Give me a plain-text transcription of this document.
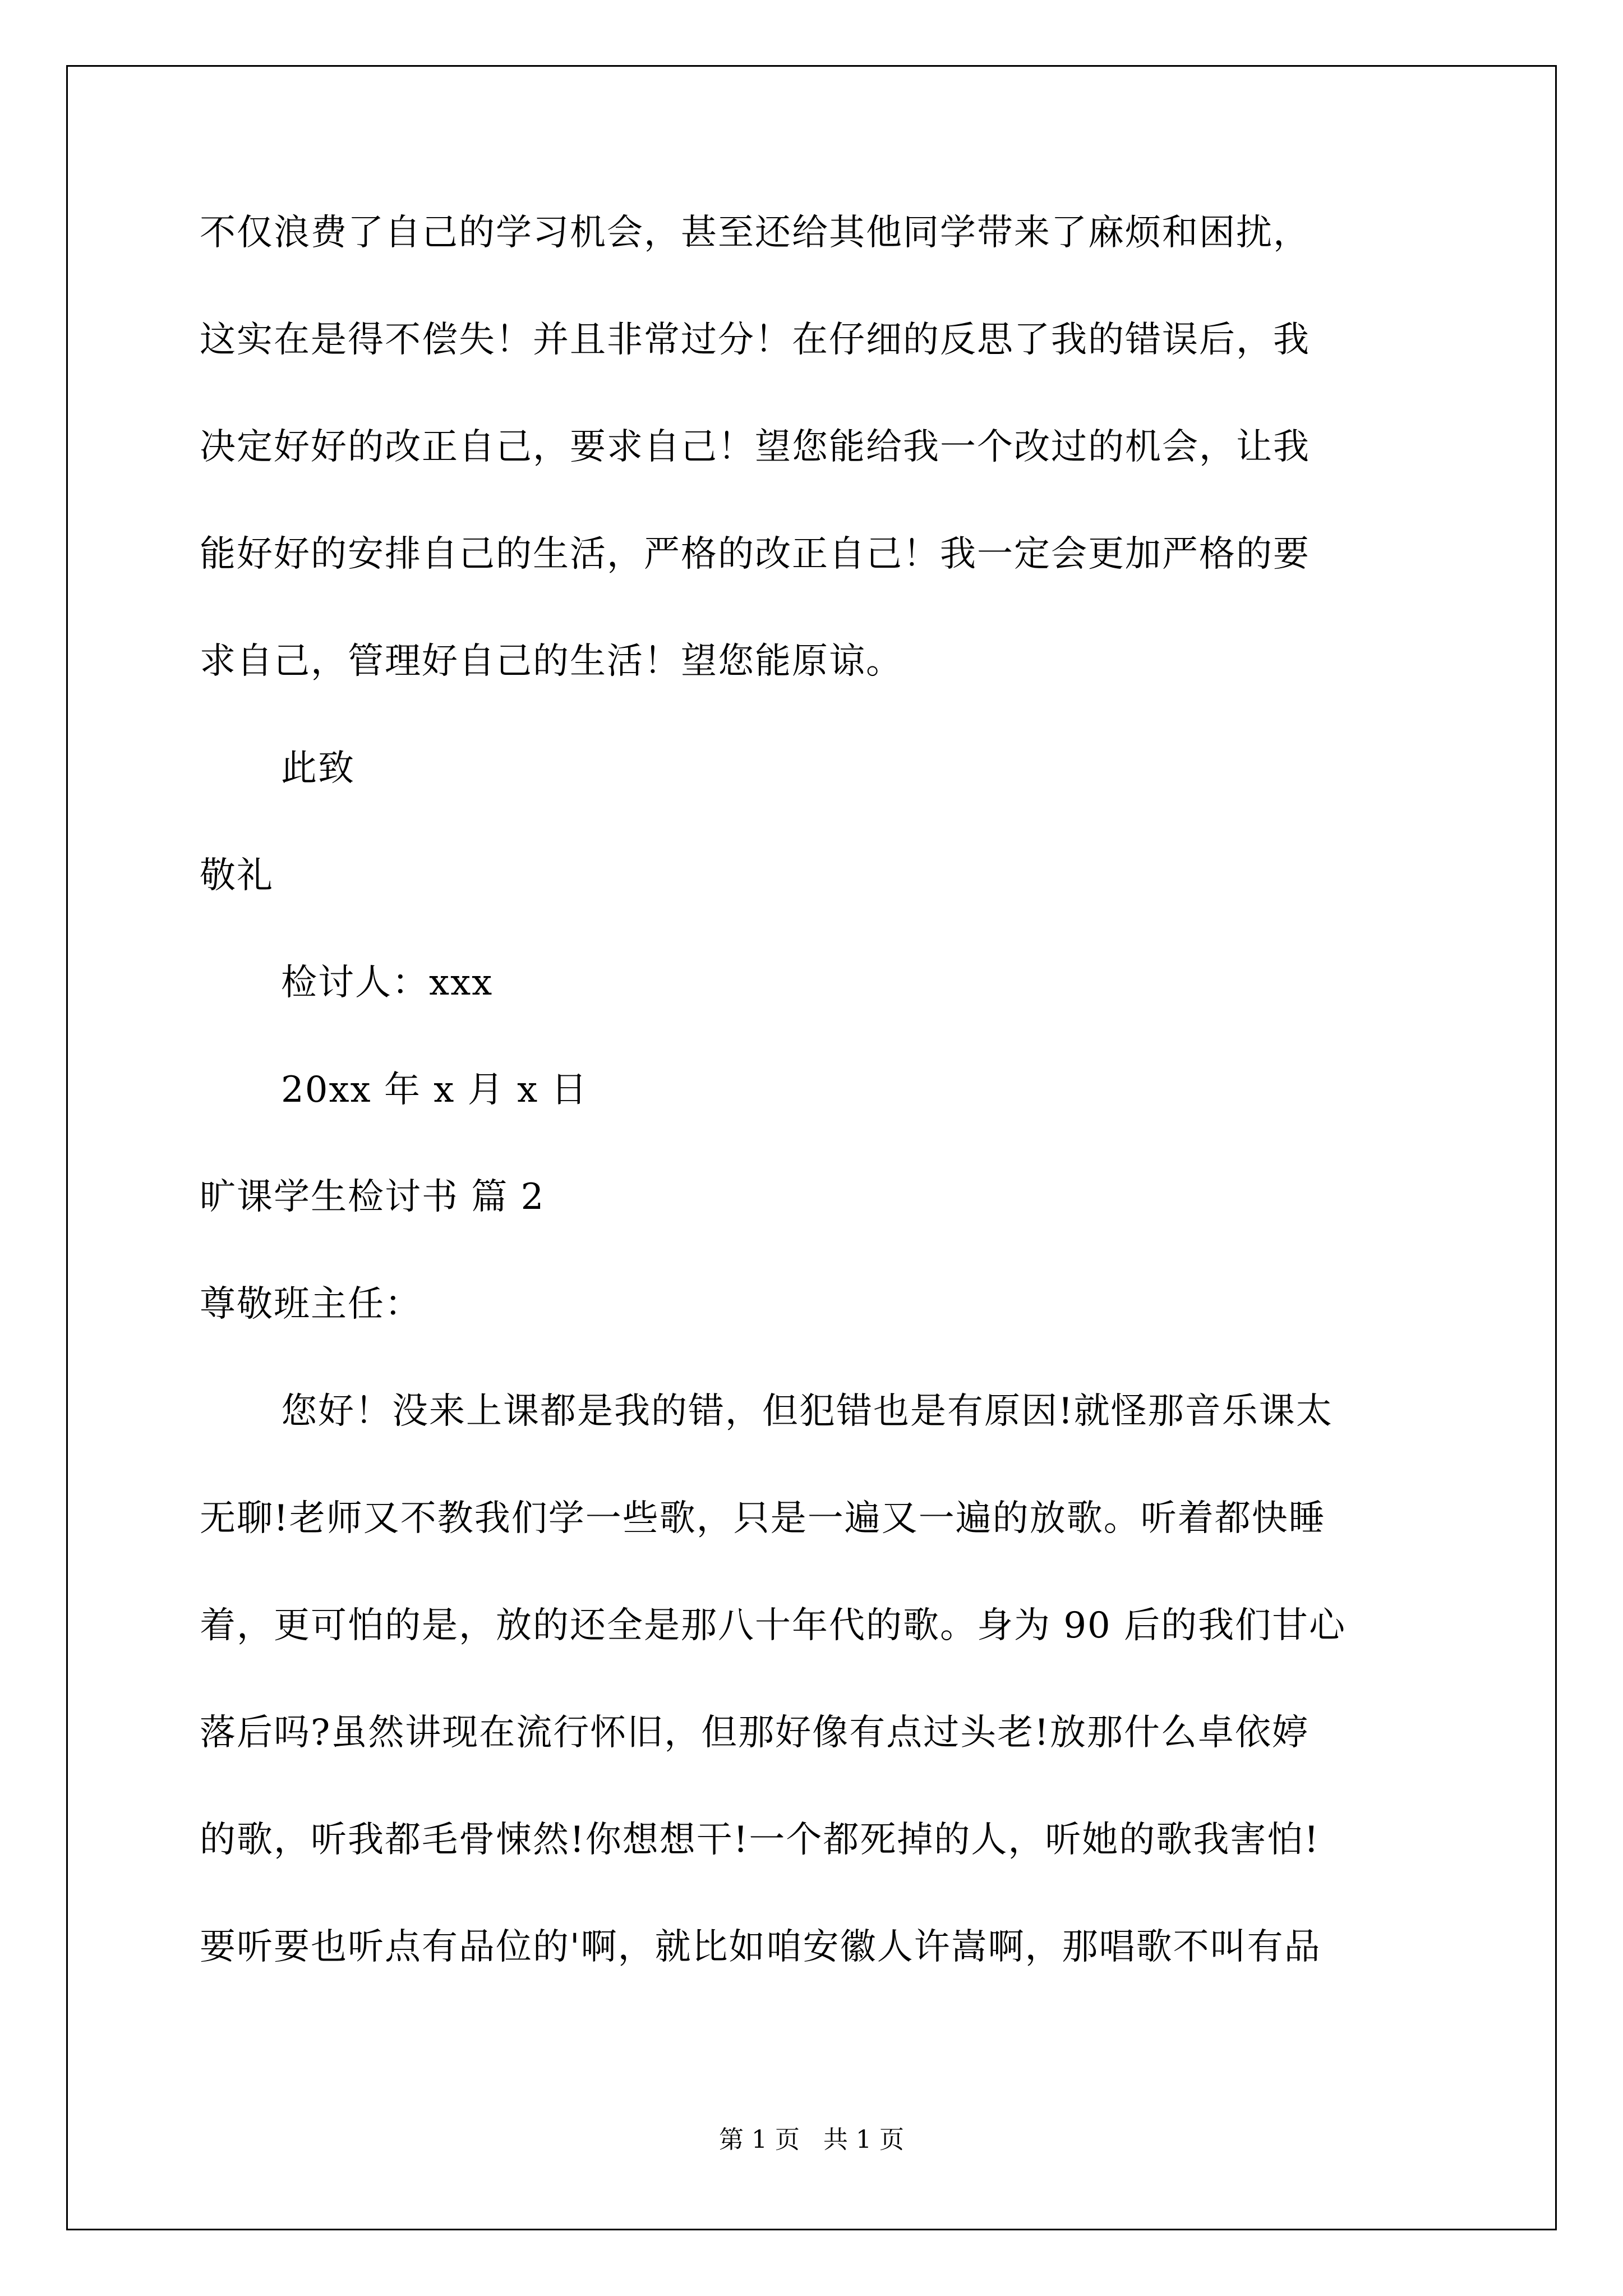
不仅浪费了自己的学习机会，甚至还给其他同学带来了麻烦和困扰，
这实在是得不偿失！并且非常过分！在仔细的反思了我的错误后，我
决定好好的改正自己，要求自己！望您能给我一个改过的机会，让我
能好好的安排自己的生活，严格的改正自己！我一定会更加严格的要
求自己，管理好自己的生活！望您能原谅。
此致
敬礼
检讨人：xxx
20xx 年 x 月 x 日
旷课学生检讨书 篇 2
尊敬班主任：
您好！没来上课都是我的错，但犯错也是有原因!就怪那音乐课太
无聊!老师又不教我们学一些歌，只是一遍又一遍的放歌。听着都快睡
着，更可怕的是，放的还全是那八十年代的歌。身为 90 后的我们甘心
落后吗?虽然讲现在流行怀旧，但那好像有点过头老!放那什么卓依婷
的歌，听我都毛骨悚然!你想想干!一个都死掉的人，听她的歌我害怕!
要听要也听点有品位的'啊，就比如咱安徽人许嵩啊，那唱歌不叫有品
第 1 页   共 1 页
